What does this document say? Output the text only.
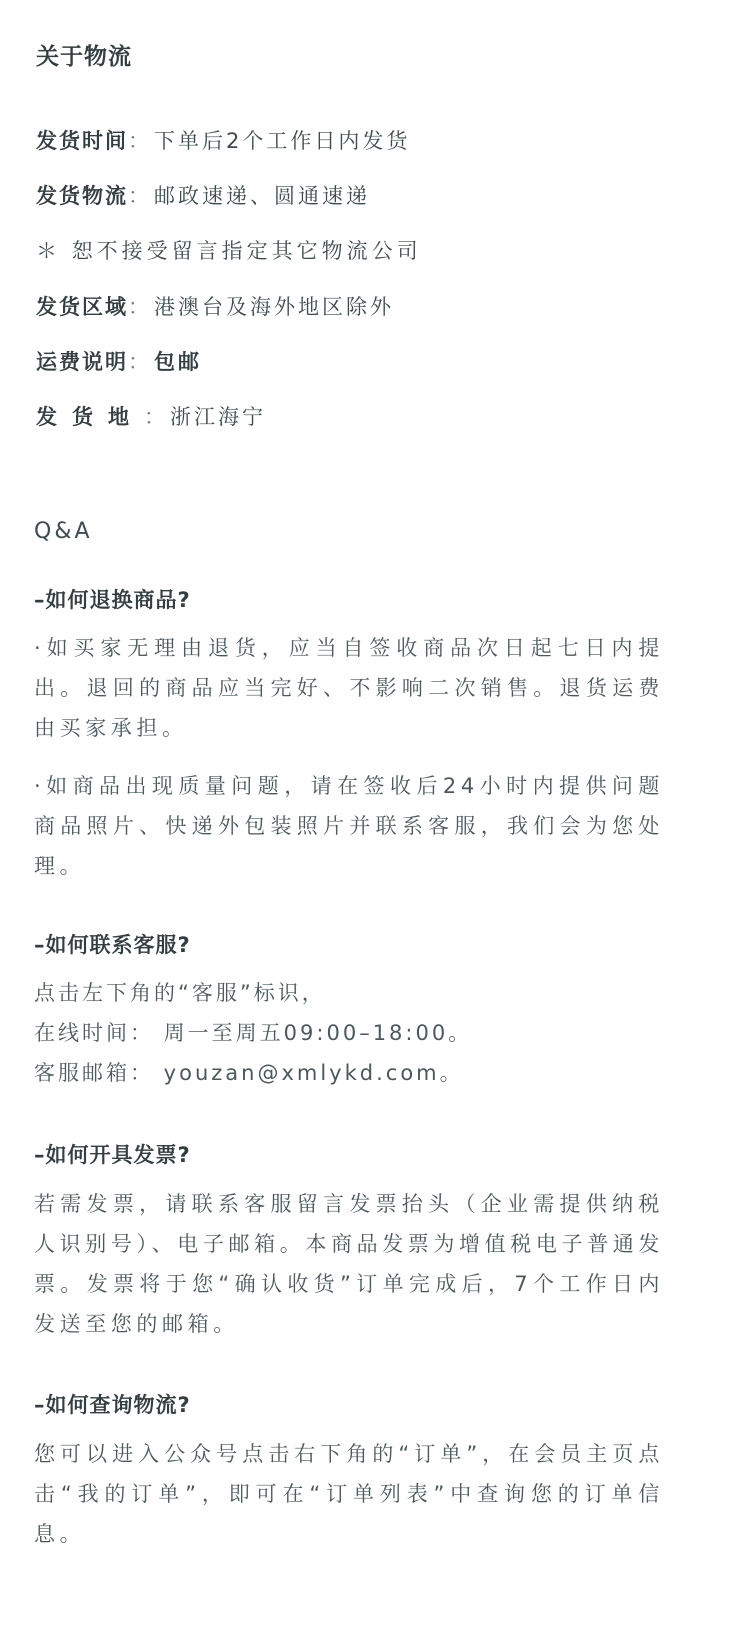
关于物流
发货时间：下单后2个工作日内发货
发货物流：邮政速递、圆通速递
＊ 恕不接受留言指定其它物流公司
发货区域：港澳台及海外地区除外
运费说明：包邮
发货地：浙江海宁
Q&A
–如何退换商品?
·如买家无理由退货，应当自签收商品次日起七日内提出。退回的商品应当完好、不影响二次销售。退货运费由买家承担。
·如商品出现质量问题，请在签收后24小时内提供问题商品照片、快递外包装照片并联系客服，我们会为您处理。
–如何联系客服?
点击左下角的“客服”标识，
在线时间： 周一至周五09:00–18:00。
客服邮箱： youzan@xmlykd.com。
–如何开具发票?
若需发票，请联系客服留言发票抬头（企业需提供纳税人识别号）、电子邮箱。本商品发票为增值税电子普通发票。发票将于您“确认收货”订单完成后，7个工作日内发送至您的邮箱。
–如何查询物流?
您可以进入公众号点击右下角的“订单”，在会员主页点击“我的订单”，即可在“订单列表”中查询您的订单信息。
